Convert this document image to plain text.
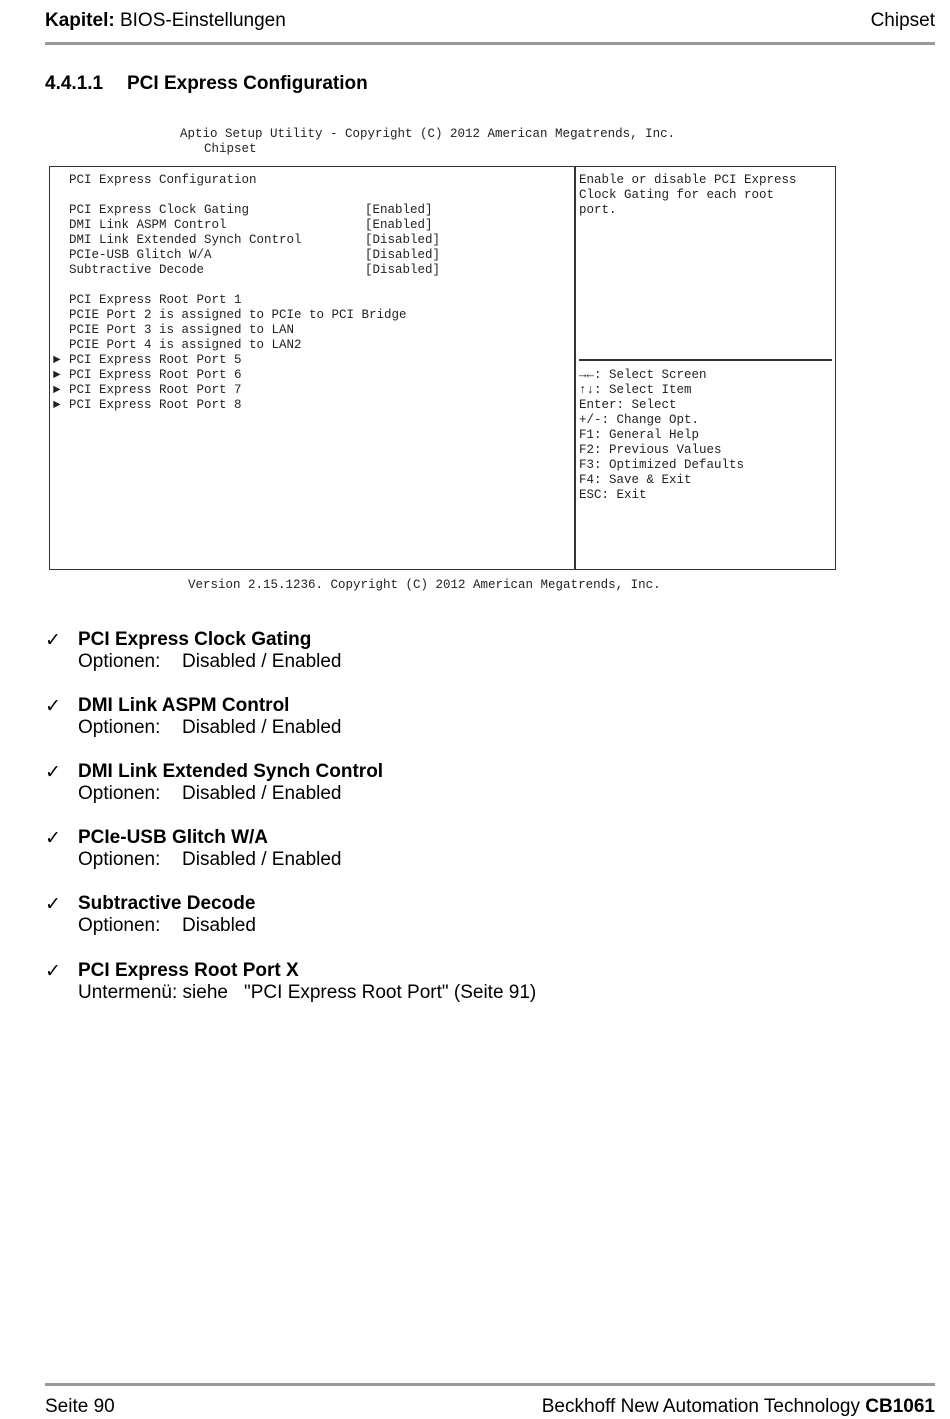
Kapitel: BIOS-Einstellungen	Chipset
4.4.1.1 PCI Express Configuration
Aptio Setup Utility - Copyright (C) 2012 American Megatrends, Inc.
Chipset
PCI Express Configuration
PCI Express Clock Gating	[Enabled]
DMI Link ASPM Control	[Enabled]
DMI Link Extended Synch Control	[Disabled]
PCIe-USB Glitch W/A	[Disabled]
Subtractive Decode	[Disabled]
PCI Express Root Port 1
PCIE Port 2 is assigned to PCIe to PCI Bridge
PCIE Port 3 is assigned to LAN
PCIE Port 4 is assigned to LAN2
► PCI Express Root Port 5
► PCI Express Root Port 6
► PCI Express Root Port 7
► PCI Express Root Port 8
Enable or disable PCI Express
Clock Gating for each root
port.
→←: Select Screen
↑↓: Select Item
Enter: Select
+/-: Change Opt.
F1: General Help
F2: Previous Values
F3: Optimized Defaults
F4: Save & Exit
ESC: Exit
Version 2.15.1236. Copyright (C) 2012 American Megatrends, Inc.
✓ PCI Express Clock Gating
Optionen: Disabled / Enabled
✓ DMI Link ASPM Control
Optionen: Disabled / Enabled
✓ DMI Link Extended Synch Control
Optionen: Disabled / Enabled
✓ PCIe-USB Glitch W/A
Optionen: Disabled / Enabled
✓ Subtractive Decode
Optionen: Disabled
✓ PCI Express Root Port X
Untermenü: siehe "PCI Express Root Port" (Seite 91)
Seite 90	Beckhoff New Automation Technology CB1061
